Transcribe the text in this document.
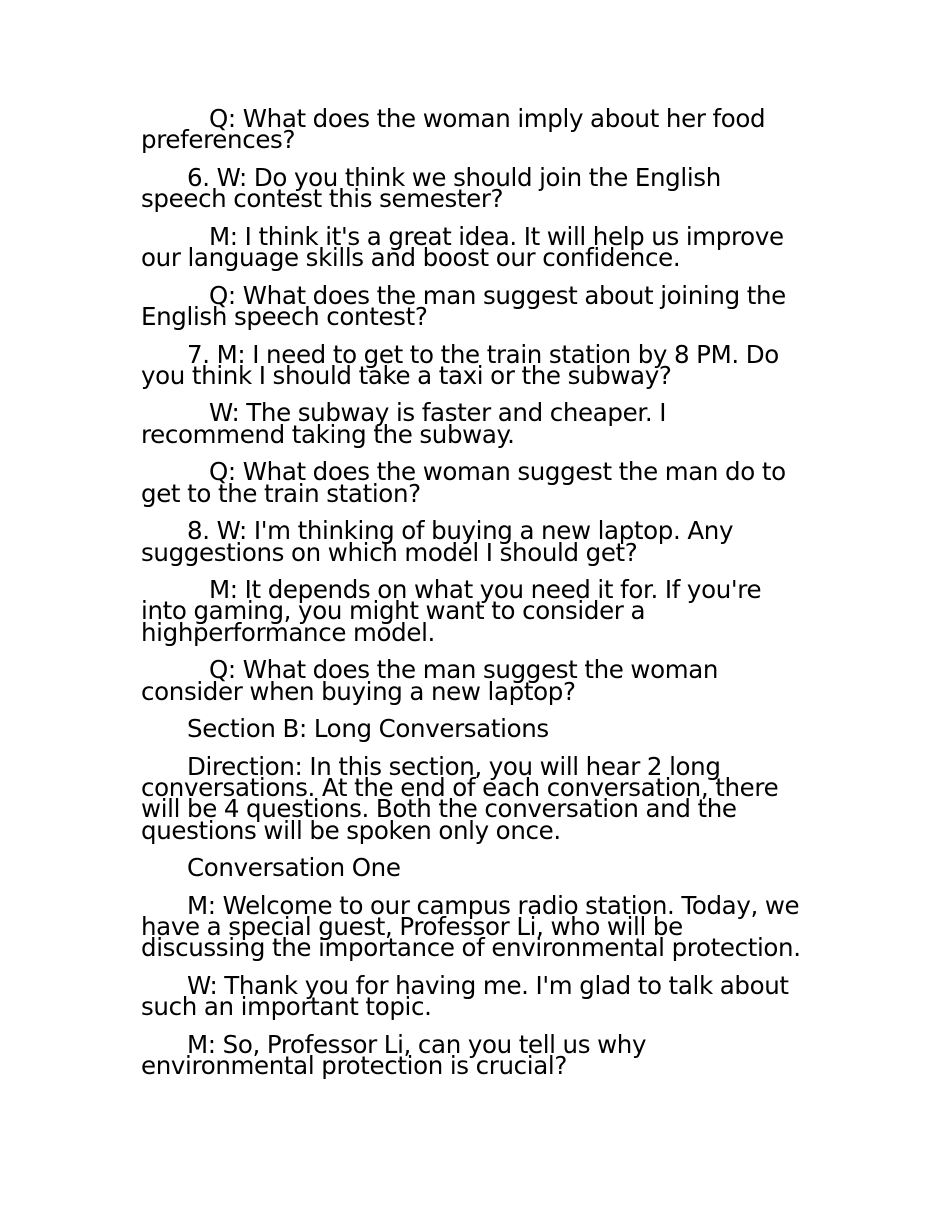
Q: What does the woman imply about her food preferences?

6. W: Do you think we should join the English speech contest this semester?

M: I think it's a great idea. It will help us improve our language skills and boost our confidence.

Q: What does the man suggest about joining the English speech contest?

7. M: I need to get to the train station by 8 PM. Do you think I should take a taxi or the subway?

W: The subway is faster and cheaper. I recommend taking the subway.

Q: What does the woman suggest the man do to get to the train station?

8. W: I'm thinking of buying a new laptop. Any suggestions on which model I should get?

M: It depends on what you need it for. If you're into gaming, you might want to consider a highperformance model.

Q: What does the man suggest the woman consider when buying a new laptop?

Section B: Long Conversations

Direction: In this section, you will hear 2 long conversations. At the end of each conversation, there will be 4 questions. Both the conversation and the questions will be spoken only once.

Conversation One

M: Welcome to our campus radio station. Today, we have a special guest, Professor Li, who will be discussing the importance of environmental protection.

W: Thank you for having me. I'm glad to talk about such an important topic.

M: So, Professor Li, can you tell us why environmental protection is crucial?
